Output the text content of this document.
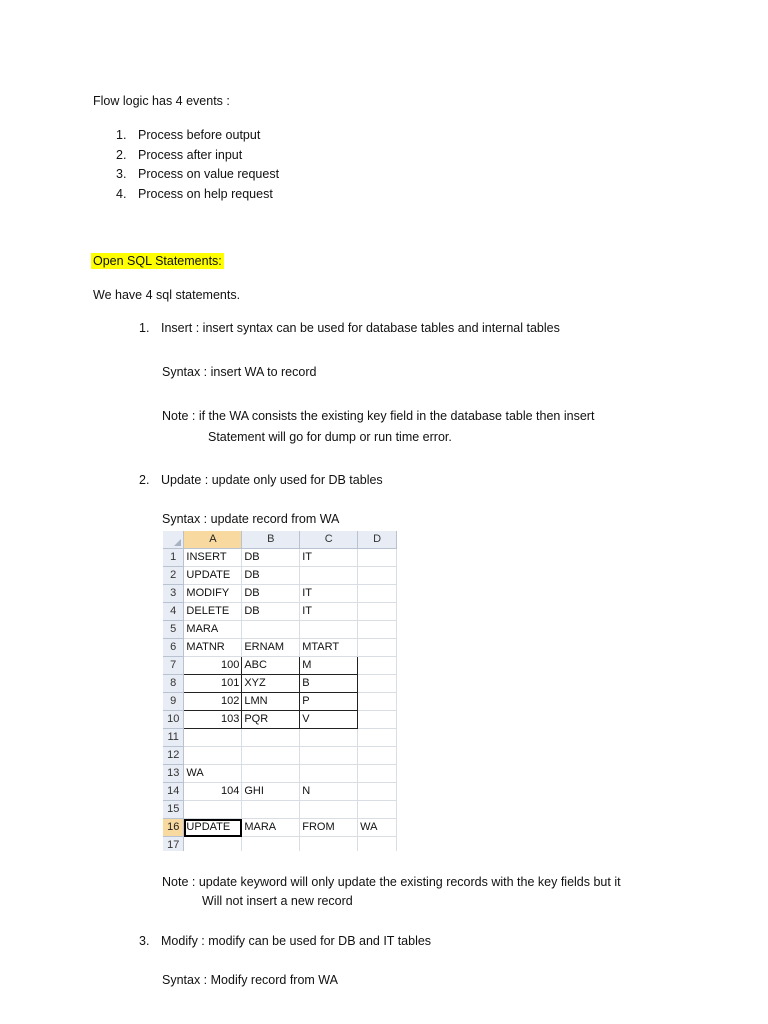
Flow logic has 4 events :
1. Process before output
2. Process after input
3. Process on value request
4. Process on help request
Open SQL Statements:
We have 4 sql statements.
1. Insert : insert syntax can be used for database tables and internal tables
Syntax : insert WA to record
Note : if the WA consists the existing key field in the database table then insert
Statement will go for dump or run time error.
2. Update : update only used for DB tables
Syntax : update record from WA
	A	B	C	D
1	INSERT	DB	IT	
2	UPDATE	DB		
3	MODIFY	DB	IT	
4	DELETE	DB	IT	
5	MARA			
6	MATNR	ERNAM	MTART	
7	100	ABC	M	
8	101	XYZ	B	
9	102	LMN	P	
10	103	PQR	V	
11				
12				
13	WA			
14	104	GHI	N	
15				
16	UPDATE	MARA	FROM	WA
17				
Note : update keyword will only update the existing records with the key fields but it
Will not insert a new record
3. Modify : modify can be used for DB and IT tables
Syntax : Modify record from WA
